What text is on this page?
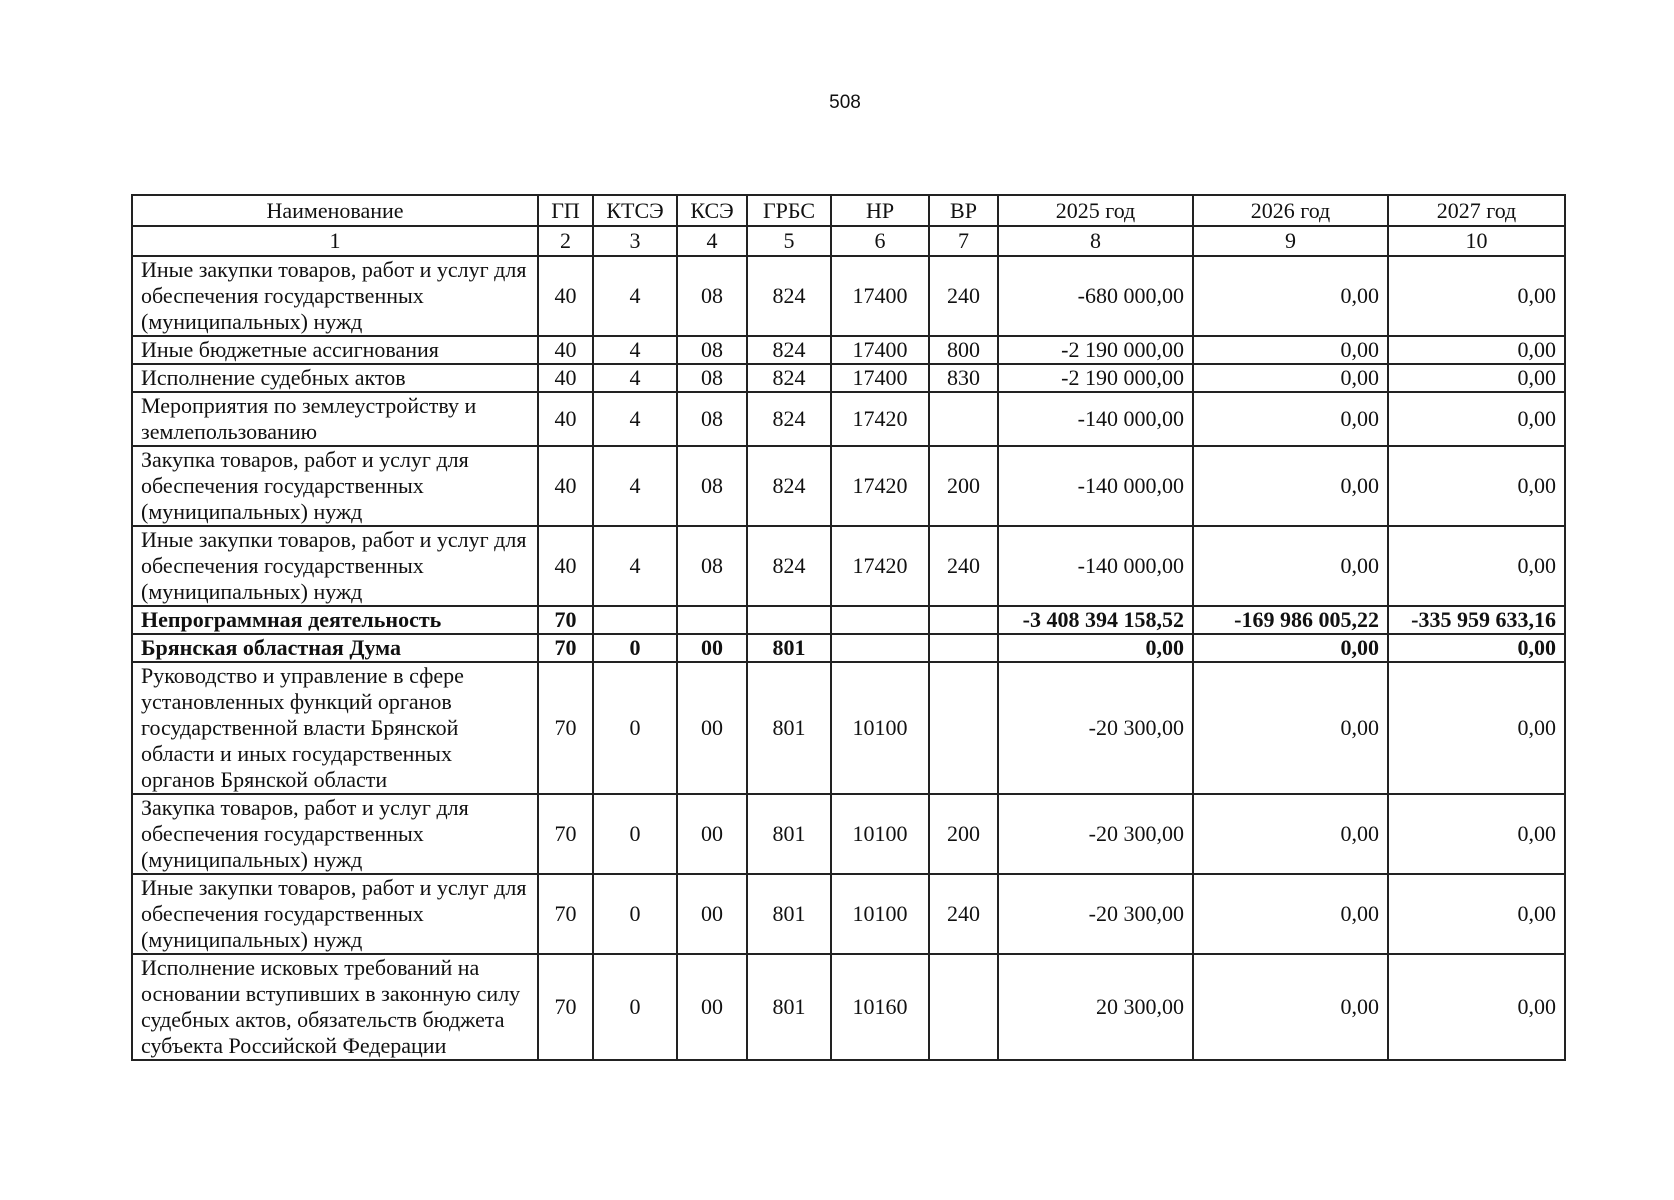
508
Наименование	ГП	КТСЭ	КСЭ	ГРБС	НР	ВР	2025 год	2026 год	2027 год
1	2	3	4	5	6	7	8	9	10
Иные закупки товаров, работ и услуг для обеспечения государственных (муниципальных) нужд	40	4	08	824	17400	240	-680 000,00	0,00	0,00
Иные бюджетные ассигнования	40	4	08	824	17400	800	-2 190 000,00	0,00	0,00
Исполнение судебных актов	40	4	08	824	17400	830	-2 190 000,00	0,00	0,00
Мероприятия по землеустройству и землепользованию	40	4	08	824	17420		-140 000,00	0,00	0,00
Закупка товаров, работ и услуг для обеспечения государственных (муниципальных) нужд	40	4	08	824	17420	200	-140 000,00	0,00	0,00
Иные закупки товаров, работ и услуг для обеспечения государственных (муниципальных) нужд	40	4	08	824	17420	240	-140 000,00	0,00	0,00
Непрограммная деятельность	70						-3 408 394 158,52	-169 986 005,22	-335 959 633,16
Брянская областная Дума	70	0	00	801			0,00	0,00	0,00
Руководство и управление в сфере установленных функций органов государственной власти Брянской области и иных государственных органов Брянской области	70	0	00	801	10100		-20 300,00	0,00	0,00
Закупка товаров, работ и услуг для обеспечения государственных (муниципальных) нужд	70	0	00	801	10100	200	-20 300,00	0,00	0,00
Иные закупки товаров, работ и услуг для обеспечения государственных (муниципальных) нужд	70	0	00	801	10100	240	-20 300,00	0,00	0,00
Исполнение исковых требований на основании вступивших в законную силу судебных актов, обязательств бюджета субъекта Российской Федерации	70	0	00	801	10160		20 300,00	0,00	0,00
